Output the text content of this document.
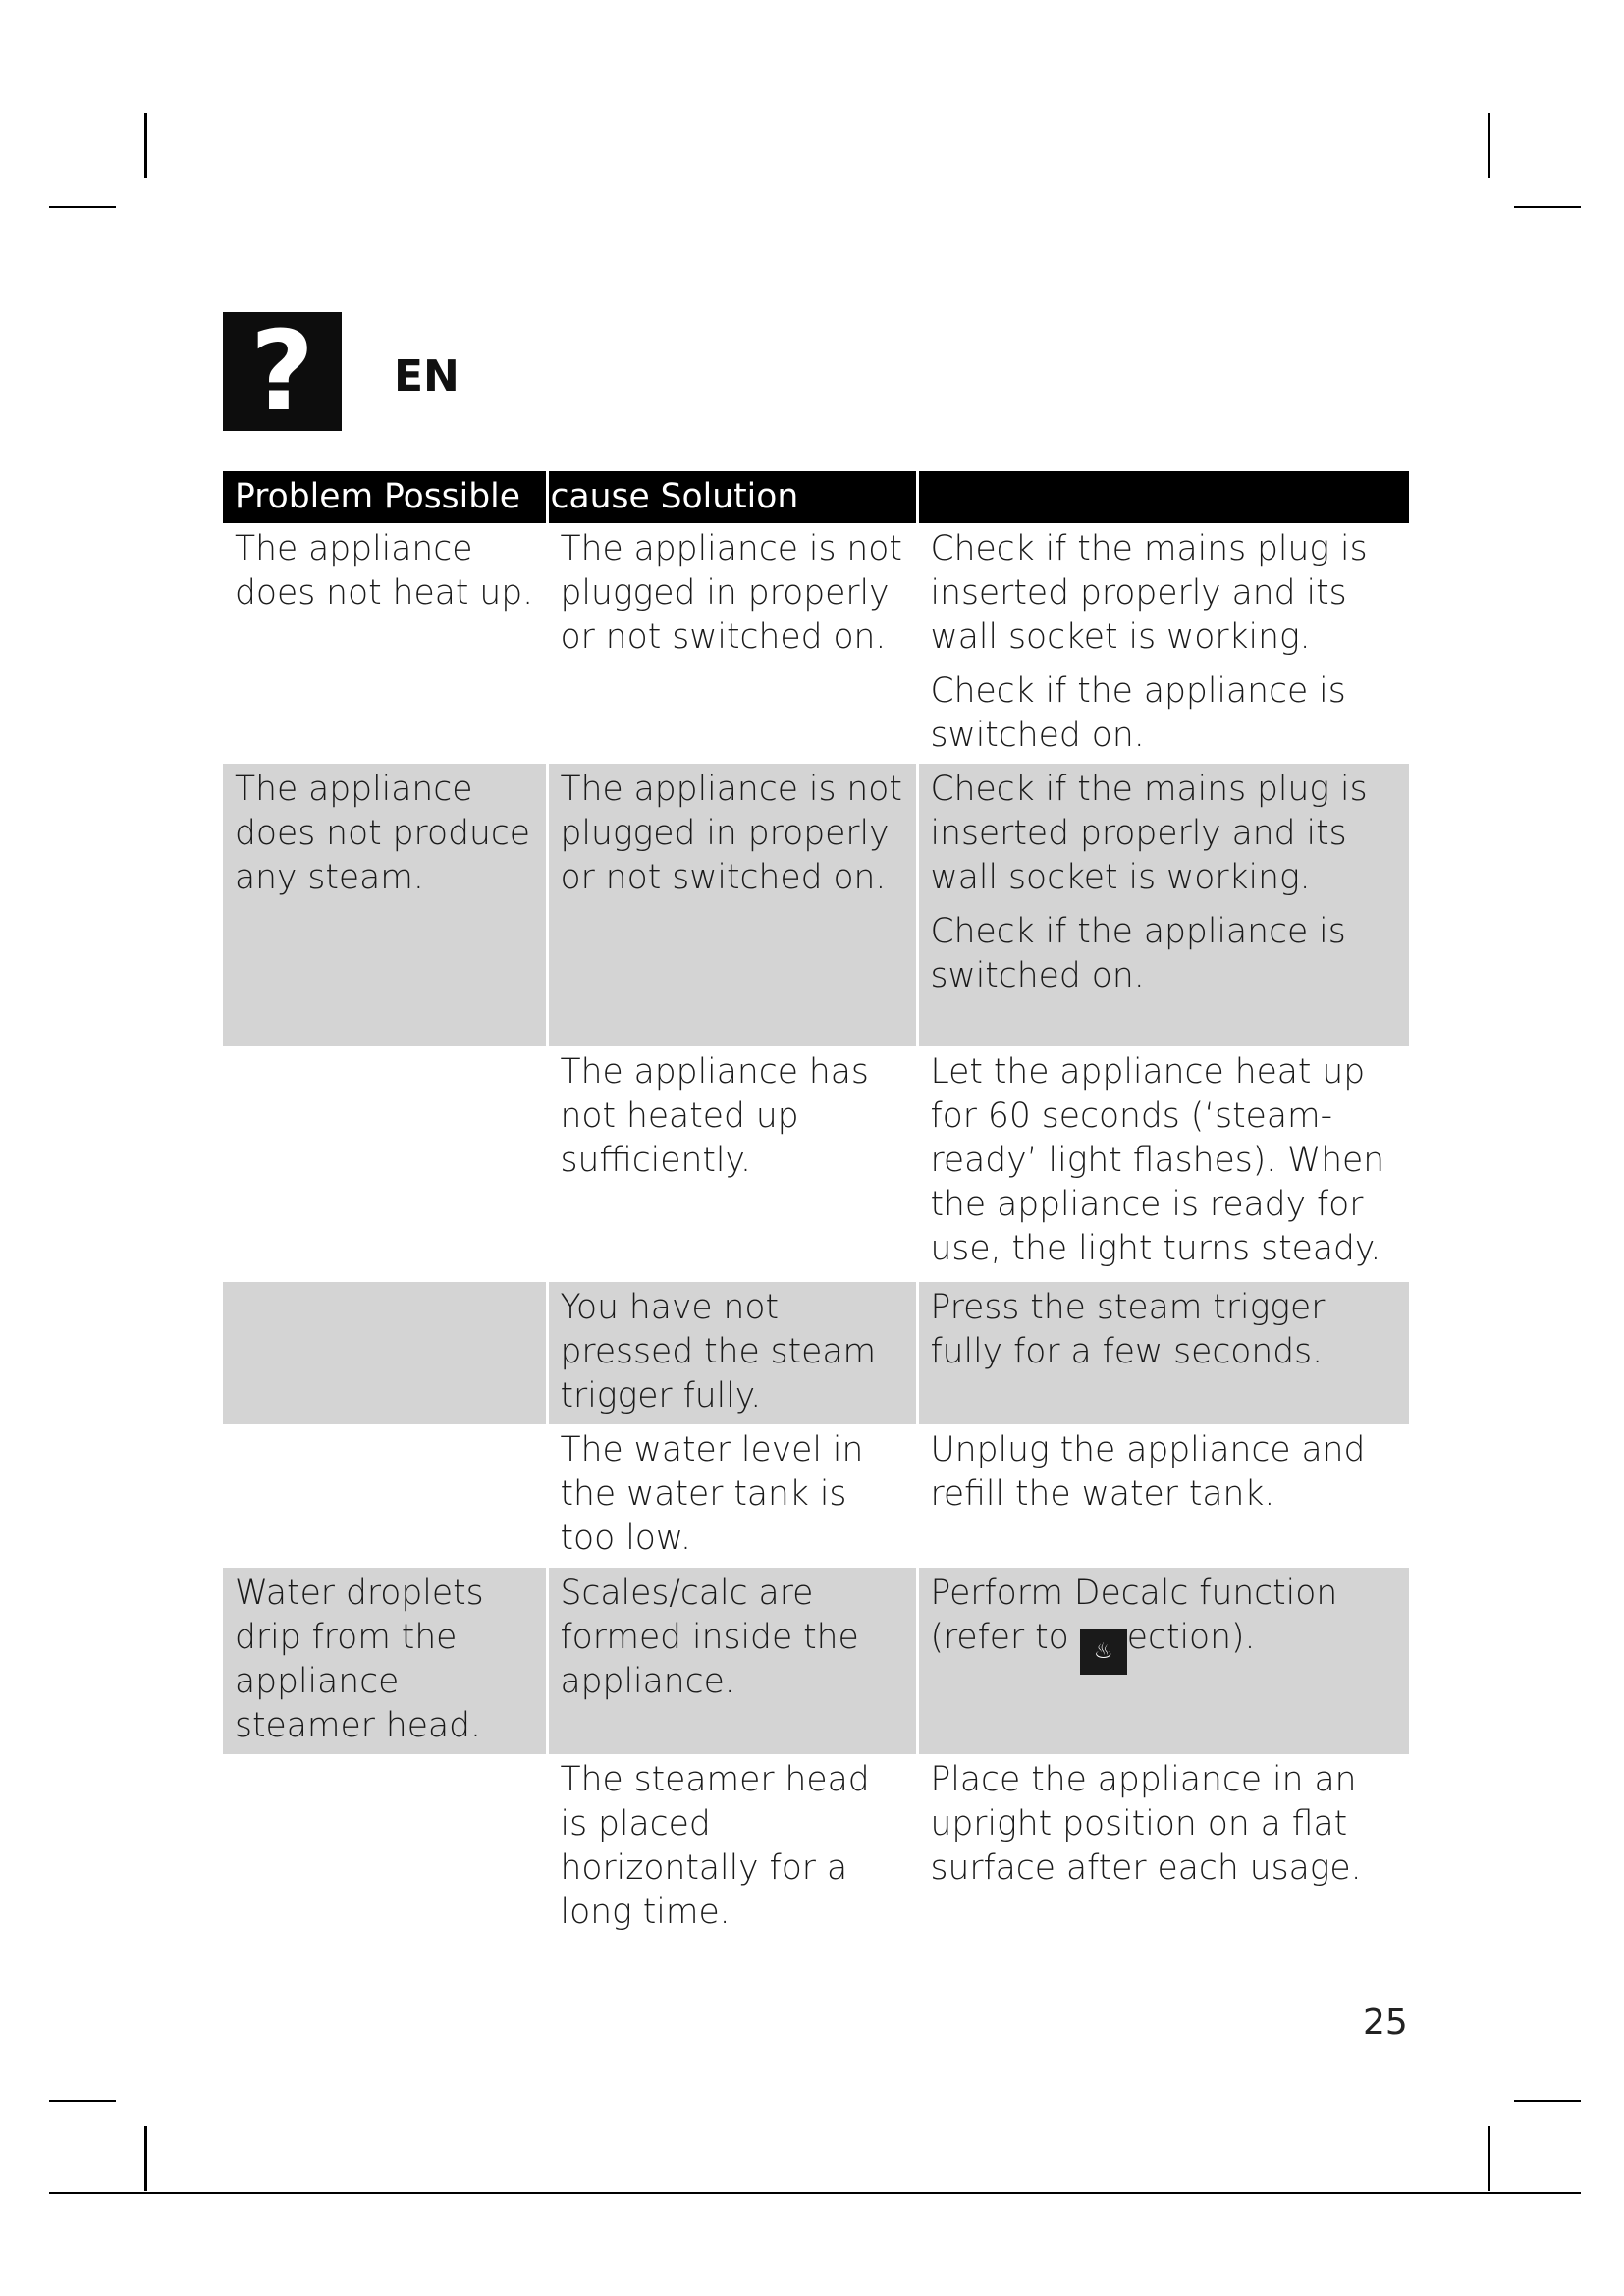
?	EN
Problem Possible	cause Solution	
The appliance does not heat up.	The appliance is not plugged in properly or not switched on.	Check if the mains plug is inserted properly and its wall socket is working.

Check if the appliance is switched on.

The appliance does not produce any steam.	The appliance is not plugged in properly or not switched on.	Check if the mains plug is inserted properly and its wall socket is working.

Check if the appliance is switched on.

	The appliance has not heated up sufficiently.	Let the appliance heat up for 60 seconds (‘steam-ready’ light flashes). When the appliance is ready for use, the light turns steady.

	You have not pressed the steam trigger fully.	Press the steam trigger fully for a few seconds.

	The water level in the water tank is too low.	Unplug the appliance and refill the water tank.

Water droplets drip from the appliance steamer head.	Scales/calc are formed inside the appliance.	Perform Decalc function (refer to ♨ ection).

	The steamer head is placed horizontally for a long time.	Place the appliance in an upright position on a flat surface after each usage.

25
